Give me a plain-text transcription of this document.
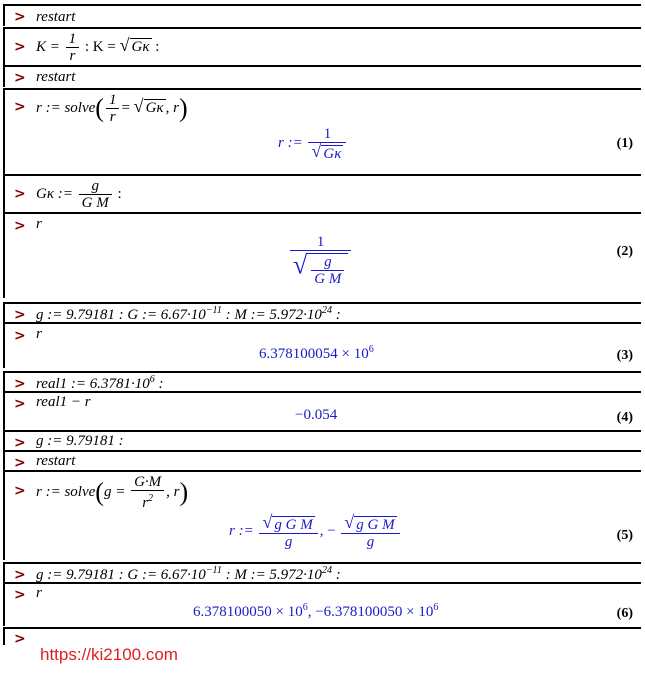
> restart
> $K = \frac{1}{r}$ : K = √ Gκ :
> restart
> r := solve( $\frac{1}{r}$ = √ Gκ , r)
r := $\frac{1}{√ G\kappa}$	(1)
> Gκ := $\frac{g}{\text{G M}}$ :
> r
$\frac{1}{√ \frac{g}{\text{G M}}}$	(2)
> g := 9.79181 : G := $6.67\cdot 10^{-11}$ : M := $5.972\cdot 10^{24}$ :
> r
$6.378100054 \times 10^6$	(3)
> real1 := $6.3781\cdot 10^6$ :
> real1 − r
−0.054	(4)
> g := 9.79181 :
> restart
> r := solve(g = $\frac{G\cdot M}{r^2}$ , r)
r := $\frac{\text{√ g G M}}{g}$ , − $\frac{\text{√ g G M}}{g}$	(5)
> g := 9.79181 : G := $6.67\cdot 10^{-11}$ : M := $5.972\cdot 10^{24}$ :
> r
$6.378100050 \times 10^6$, $-6.378100050 \times 10^6$	(6)
>
https://ki2100.com
